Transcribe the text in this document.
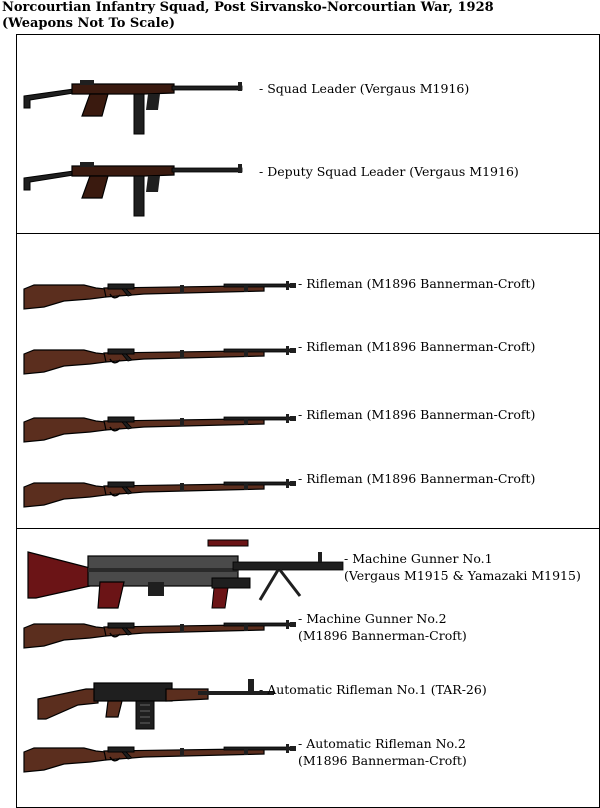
Norcourtian Infantry Squad, Post Sirvansko-Norcourtian War, 1928
(Weapons Not To Scale)
- Squad Leader (Vergaus M1916)
- Deputy Squad Leader (Vergaus M1916)
- Rifleman (M1896 Bannerman-Croft)
- Rifleman (M1896 Bannerman-Croft)
- Rifleman (M1896 Bannerman-Croft)
- Rifleman (M1896 Bannerman-Croft)
- Machine Gunner No.1
(Vergaus M1915 & Yamazaki M1915)
- Machine Gunner No.2
(M1896 Bannerman-Croft)
- Automatic Rifleman No.1 (TAR-26)
- Automatic Rifleman No.2
(M1896 Bannerman-Croft)
